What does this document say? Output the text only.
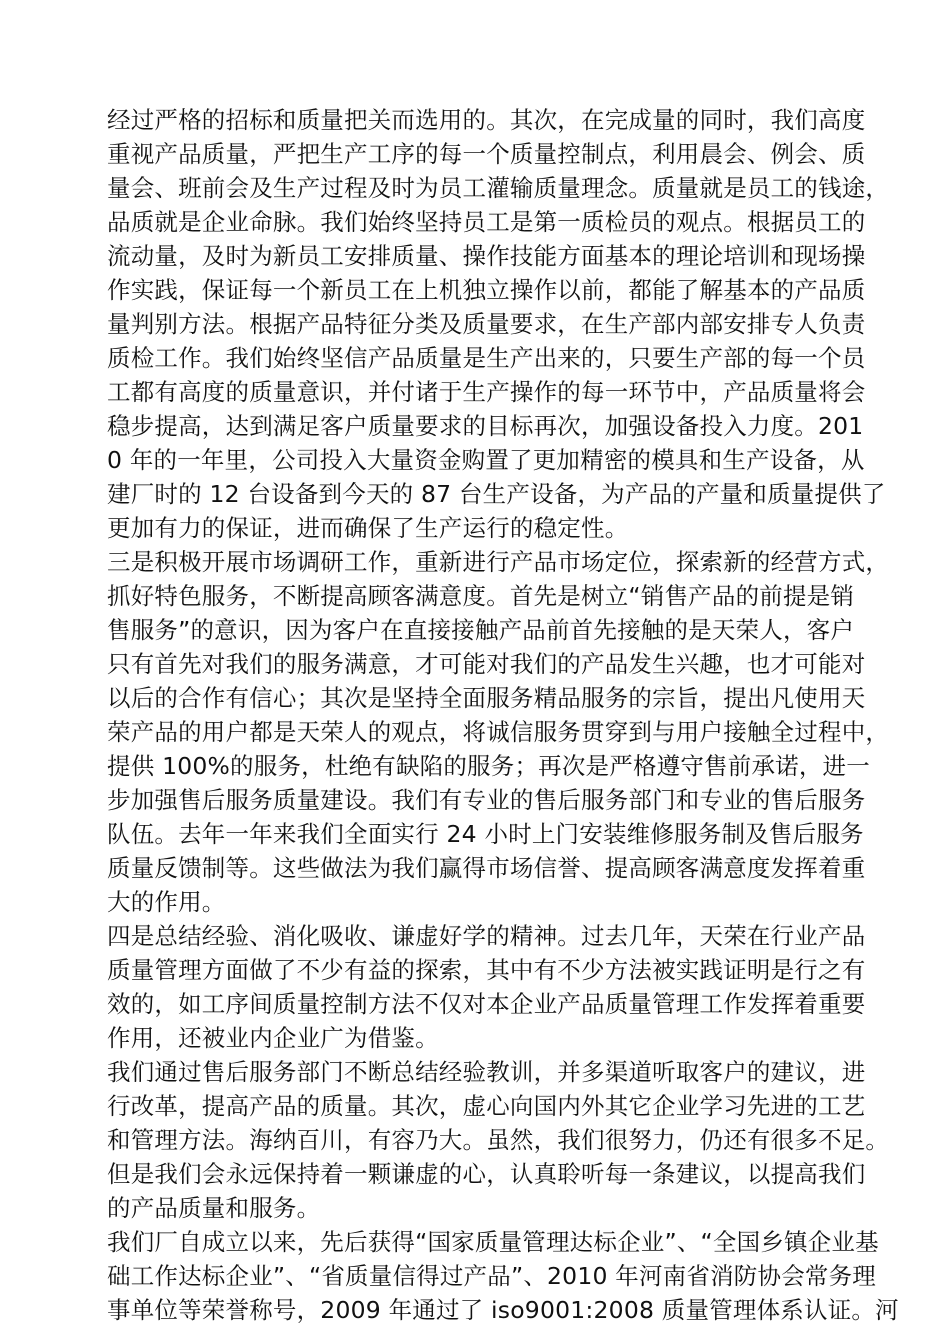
经过严格的招标和质量把关而选用的。其次，在完成量的同时，我们高度
重视产品质量，严把生产工序的每一个质量控制点，利用晨会、例会、质
量会、班前会及生产过程及时为员工灌输质量理念。质量就是员工的钱途，
品质就是企业命脉。我们始终坚持员工是第一质检员的观点。根据员工的
流动量，及时为新员工安排质量、操作技能方面基本的理论培训和现场操
作实践，保证每一个新员工在上机独立操作以前，都能了解基本的产品质
量判别方法。根据产品特征分类及质量要求，在生产部内部安排专人负责
质检工作。我们始终坚信产品质量是生产出来的，只要生产部的每一个员
工都有高度的质量意识，并付诸于生产操作的每一环节中，产品质量将会
稳步提高，达到满足客户质量要求的目标再次，加强设备投入力度。201
0 年的一年里，公司投入大量资金购置了更加精密的模具和生产设备，从
建厂时的 12 台设备到今天的 87 台生产设备，为产品的产量和质量提供了
更加有力的保证，进而确保了生产运行的稳定性。
三是积极开展市场调研工作，重新进行产品市场定位，探索新的经营方式，
抓好特色服务，不断提高顾客满意度。首先是树立“销售产品的前提是销
售服务”的意识，因为客户在直接接触产品前首先接触的是天荣人，客户
只有首先对我们的服务满意，才可能对我们的产品发生兴趣，也才可能对
以后的合作有信心；其次是坚持全面服务精品服务的宗旨，提出凡使用天
荣产品的用户都是天荣人的观点，将诚信服务贯穿到与用户接触全过程中，
提供 100%的服务，杜绝有缺陷的服务；再次是严格遵守售前承诺，进一
步加强售后服务质量建设。我们有专业的售后服务部门和专业的售后服务
队伍。去年一年来我们全面实行 24 小时上门安装维修服务制及售后服务
质量反馈制等。这些做法为我们赢得市场信誉、提高顾客满意度发挥着重
大的作用。
四是总结经验、消化吸收、谦虚好学的精神。过去几年，天荣在行业产品
质量管理方面做了不少有益的探索，其中有不少方法被实践证明是行之有
效的，如工序间质量控制方法不仅对本企业产品质量管理工作发挥着重要
作用，还被业内企业广为借鉴。
我们通过售后服务部门不断总结经验教训，并多渠道听取客户的建议，进
行改革，提高产品的质量。其次，虚心向国内外其它企业学习先进的工艺
和管理方法。海纳百川，有容乃大。虽然，我们很努力，仍还有很多不足。
但是我们会永远保持着一颗谦虚的心，认真聆听每一条建议，以提高我们
的产品质量和服务。
我们厂自成立以来，先后获得“国家质量管理达标企业”、“全国乡镇企业基
础工作达标企业”、“省质量信得过产品”、2010 年河南省消防协会常务理
事单位等荣誉称号，2009 年通过了 iso9001:2008 质量管理体系认证。河
